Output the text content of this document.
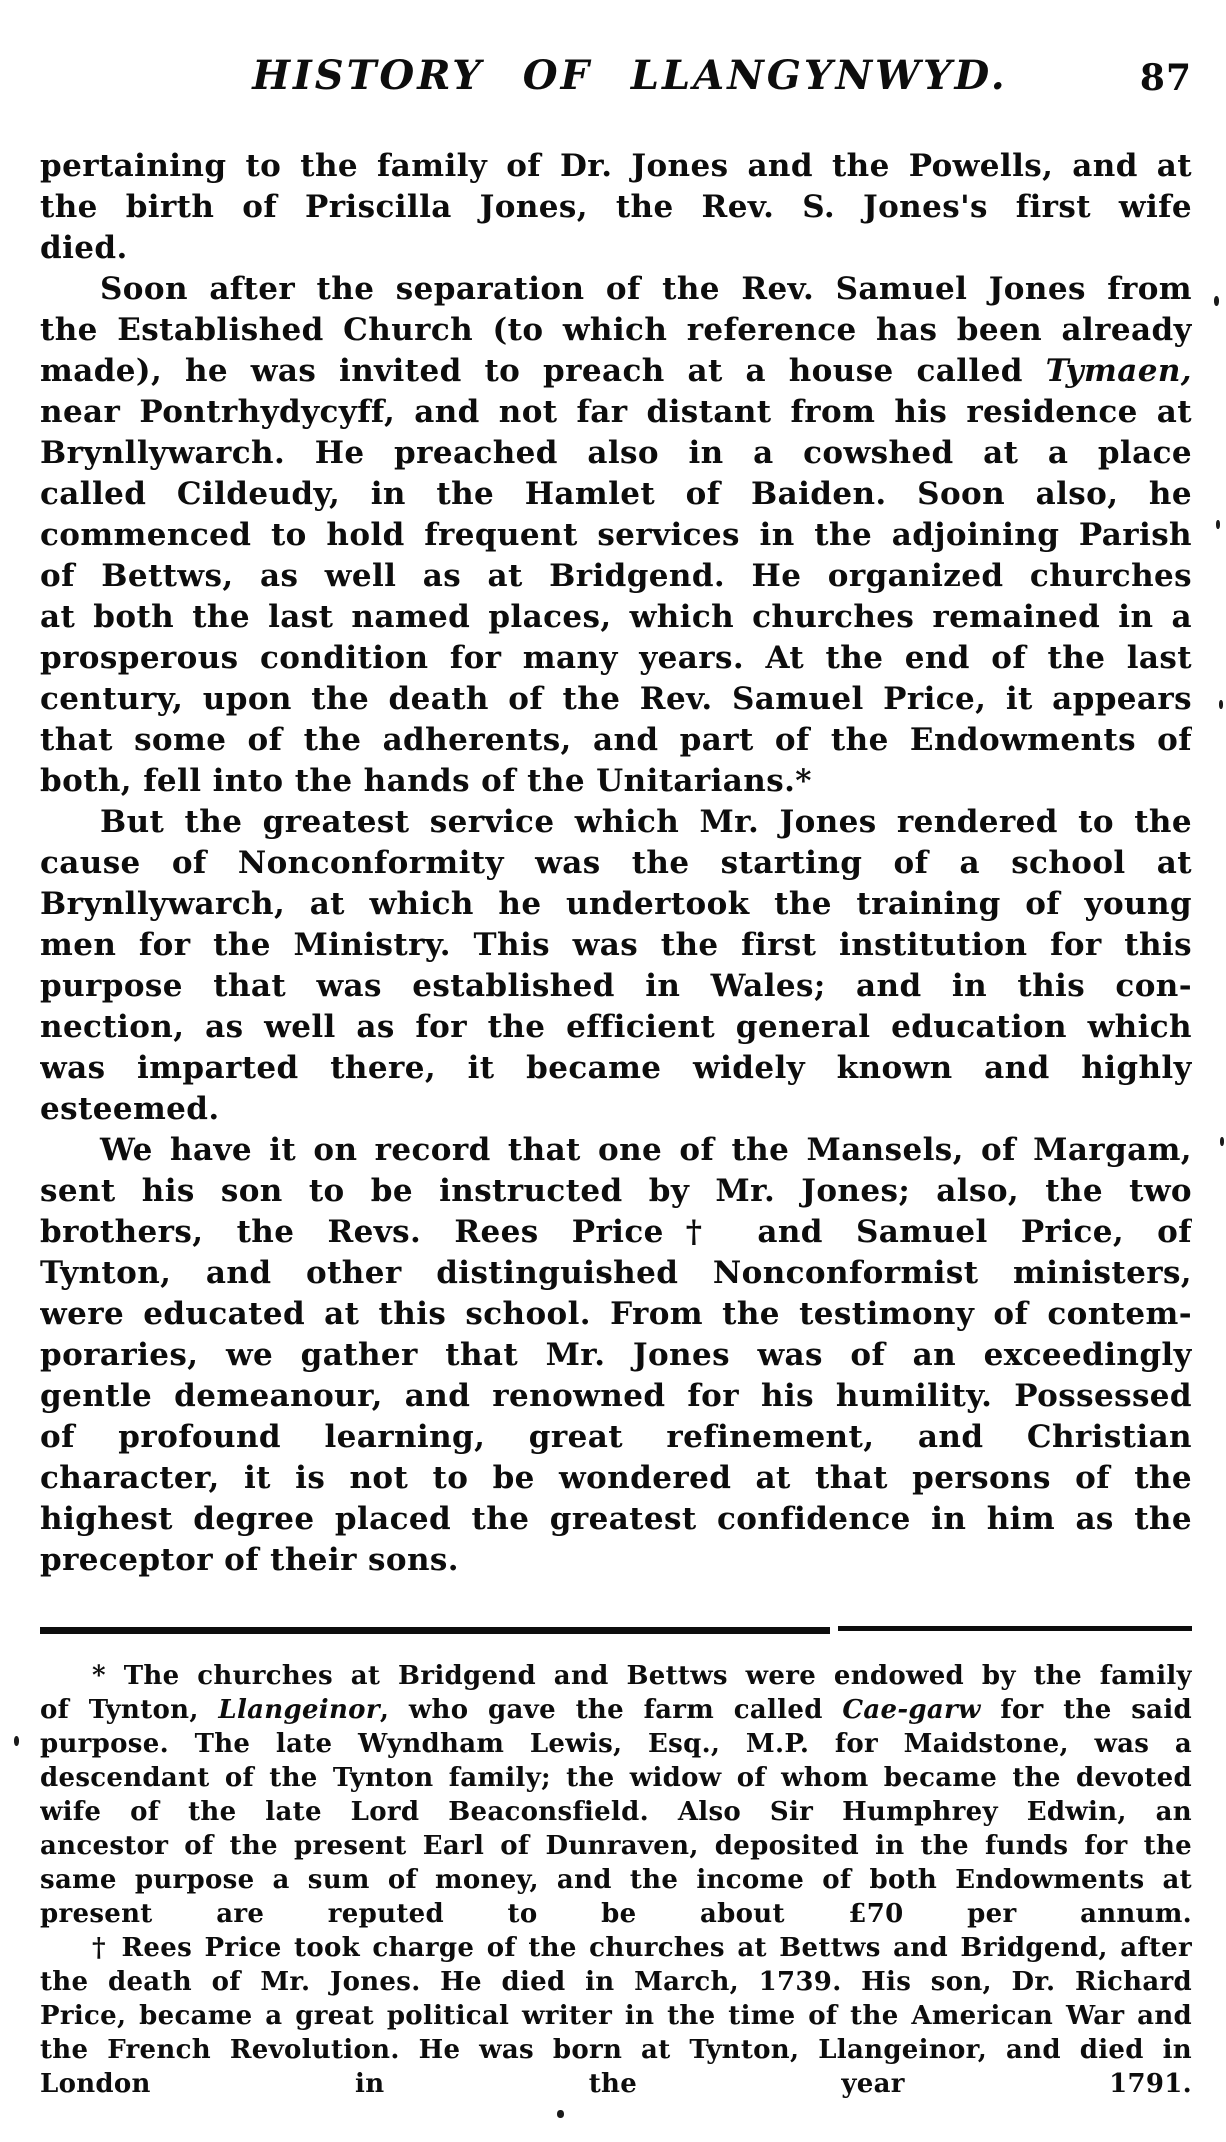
HISTORY OF LLANGYNWYD.	87
pertaining to the family of Dr. Jones and the Powells, and at
the birth of Priscilla Jones, the Rev. S. Jones's first wife
died.
Soon after the separation of the Rev. Samuel Jones from
the Established Church (to which reference has been already
made), he was invited to preach at a house called Tymaen,
near Pontrhydycyff, and not far distant from his residence at
Brynllywarch. He preached also in a cowshed at a place
called Cildeudy, in the Hamlet of Baiden. Soon also, he
commenced to hold frequent services in the adjoining Parish
of Bettws, as well as at Bridgend. He organized churches
at both the last named places, which churches remained in a
prosperous condition for many years. At the end of the last
century, upon the death of the Rev. Samuel Price, it appears
that some of the adherents, and part of the Endowments of
both, fell into the hands of the Unitarians.*
But the greatest service which Mr. Jones rendered to the
cause of Nonconformity was the starting of a school at
Brynllywarch, at which he undertook the training of young
men for the Ministry. This was the first institution for this
purpose that was established in Wales; and in this con-
nection, as well as for the efficient general education which
was imparted there, it became widely known and highly
esteemed.
We have it on record that one of the Mansels, of Margam,
sent his son to be instructed by Mr. Jones; also, the two
brothers, the Revs. Rees Price† and Samuel Price, of
Tynton, and other distinguished Nonconformist ministers,
were educated at this school. From the testimony of contem-
poraries, we gather that Mr. Jones was of an exceedingly
gentle demeanour, and renowned for his humility. Possessed
of profound learning, great refinement, and Christian
character, it is not to be wondered at that persons of the
highest degree placed the greatest confidence in him as the
preceptor of their sons.
* The churches at Bridgend and Bettws were endowed by the family
of Tynton, Llangeinor, who gave the farm called Cae-garw for the said
purpose. The late Wyndham Lewis, Esq., M.P. for Maidstone, was a
descendant of the Tynton family; the widow of whom became the devoted
wife of the late Lord Beaconsfield. Also Sir Humphrey Edwin, an
ancestor of the present Earl of Dunraven, deposited in the funds for the
same purpose a sum of money, and the income of both Endowments at
present are reputed to be about £70 per annum.
† Rees Price took charge of the churches at Bettws and Bridgend, after
the death of Mr. Jones. He died in March, 1739. His son, Dr. Richard
Price, became a great political writer in the time of the American War and
the French Revolution. He was born at Tynton, Llangeinor, and died in
London in the year 1791.
